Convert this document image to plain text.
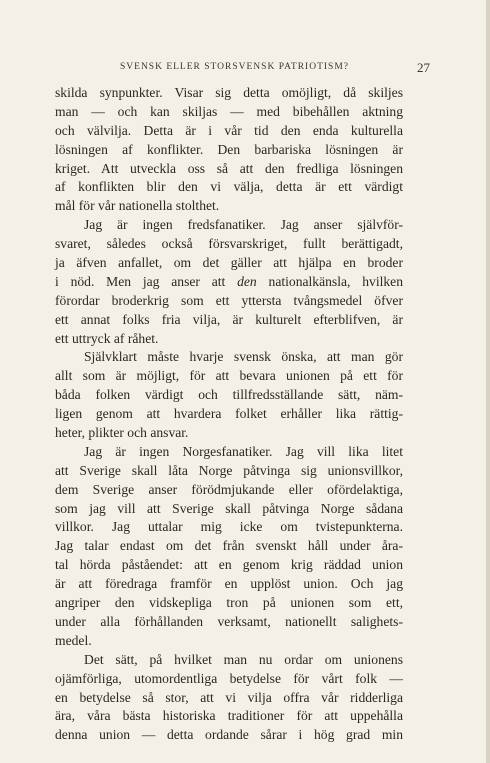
SVENSK ELLER STORSVENSK PATRIOTISM?	27
skilda synpunkter. Visar sig detta omöjligt, då skiljes
man — och kan skiljas — med bibehållen aktning
och välvilja. Detta är i vår tid den enda kulturella
lösningen af konflikter. Den barbariska lösningen är
kriget. Att utveckla oss så att den fredliga lösningen
af konflikten blir den vi välja, detta är ett värdigt
mål för vår nationella stolthet.
Jag är ingen fredsfanatiker. Jag anser självför-
svaret, således också försvarskriget, fullt berättigadt,
ja äfven anfallet, om det gäller att hjälpa en broder
i nöd. Men jag anser att den nationalkänsla, hvilken
förordar broderkrig som ett yttersta tvångsmedel öfver
ett annat folks fria vilja, är kulturelt efterblifven, är
ett uttryck af råhet.
Självklart måste hvarje svensk önska, att man gör
allt som är möjligt, för att bevara unionen på ett för
båda folken värdigt och tillfredsställande sätt, näm-
ligen genom att hvardera folket erhåller lika rättig-
heter, plikter och ansvar.
Jag är ingen Norgesfanatiker. Jag vill lika litet
att Sverige skall låta Norge påtvinga sig unionsvillkor,
dem Sverige anser förödmjukande eller ofördelaktiga,
som jag vill att Sverige skall påtvinga Norge sådana
villkor. Jag uttalar mig icke om tvistepunkterna.
Jag talar endast om det från svenskt håll under åra-
tal hörda påståendet: att en genom krig räddad union
är att föredraga framför en upplöst union. Och jag
angriper den vidskepliga tron på unionen som ett,
under alla förhållanden verksamt, nationellt salighets-
medel.
Det sätt, på hvilket man nu ordar om unionens
ojämförliga, utomordentliga betydelse för vårt folk —
en betydelse så stor, att vi vilja offra vår ridderliga
ära, våra bästa historiska traditioner för att uppehålla
denna union — detta ordande sårar i hög grad min
